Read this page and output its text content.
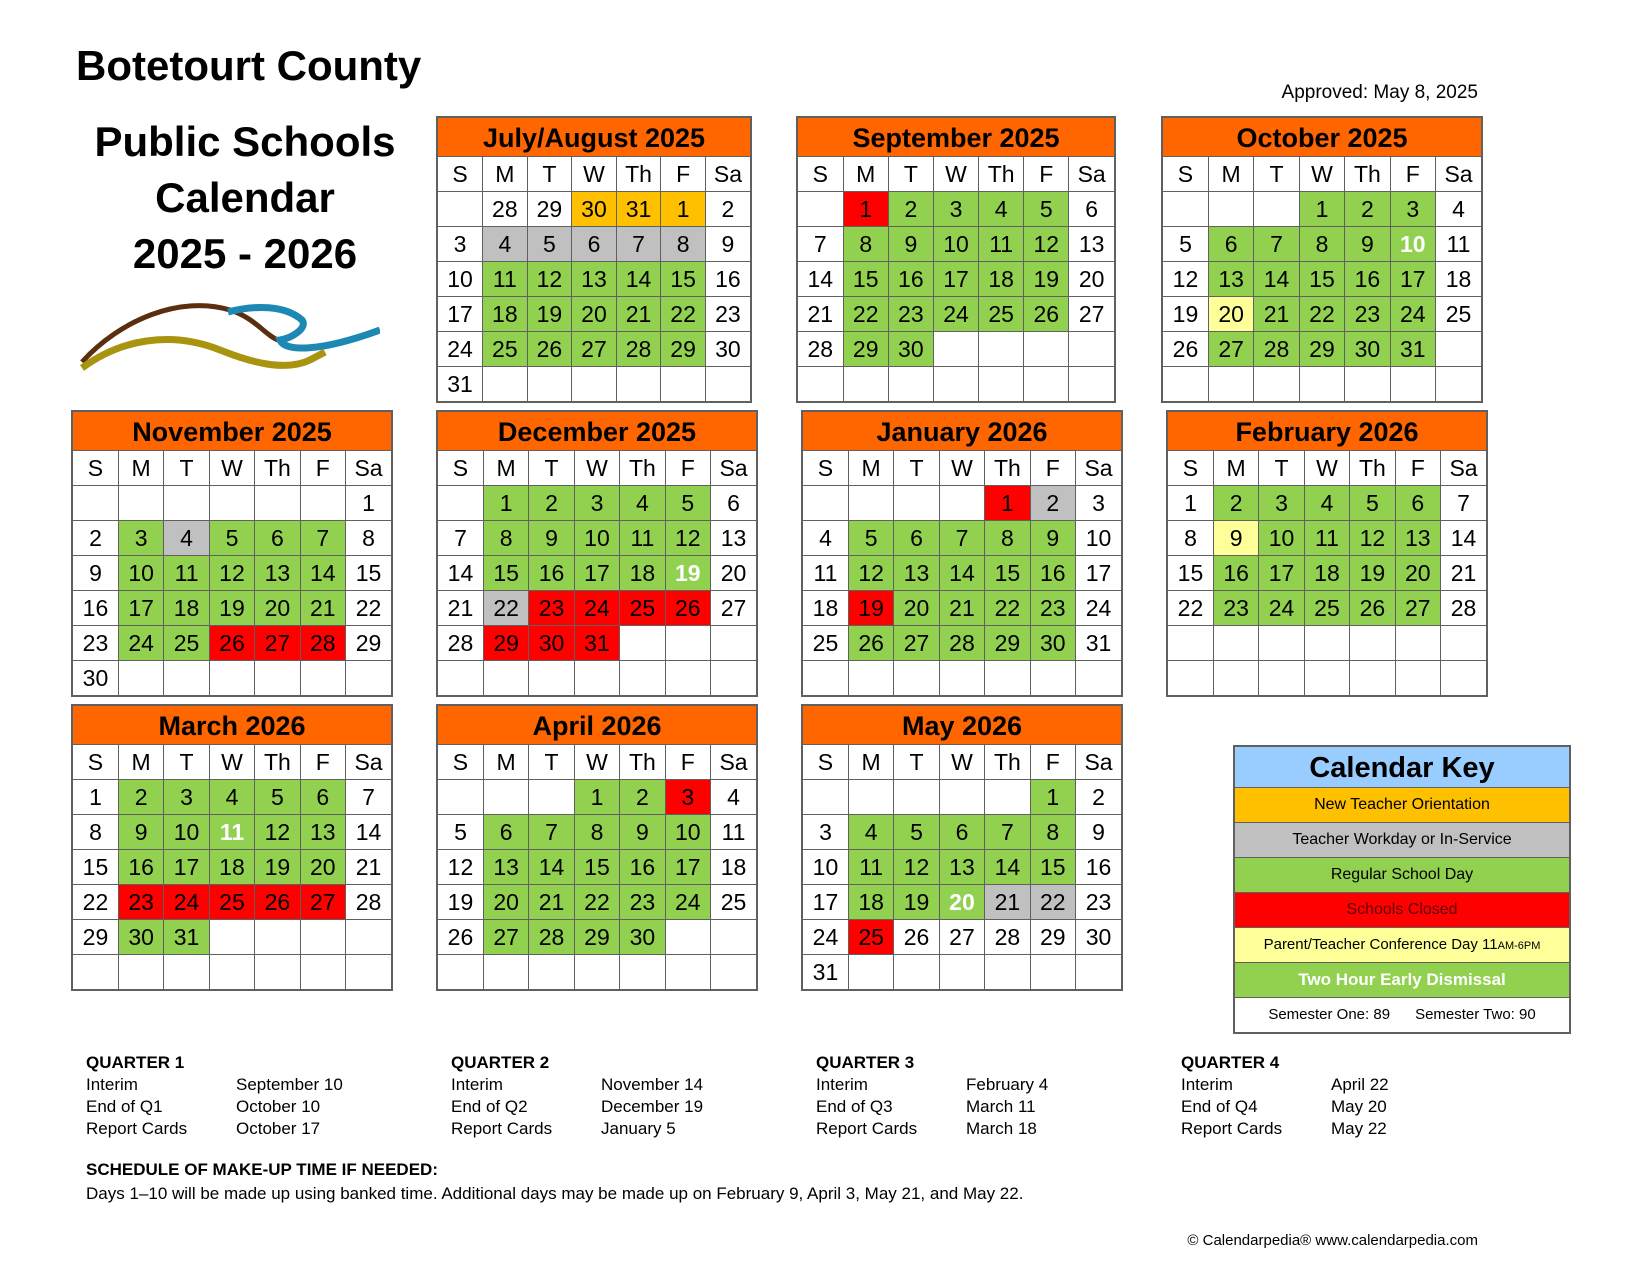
Botetourt County
Public Schools
Calendar
2025 - 2026
Approved: May 8, 2025
July/August 2025
S	M	T	W	Th	F	Sa
	28	29	30	31	1	2
3	4	5	6	7	8	9
10	11	12	13	14	15	16
17	18	19	20	21	22	23
24	25	26	27	28	29	30
31						
September 2025
S	M	T	W	Th	F	Sa
	1	2	3	4	5	6
7	8	9	10	11	12	13
14	15	16	17	18	19	20
21	22	23	24	25	26	27
28	29	30				

October 2025
S	M	T	W	Th	F	Sa
			1	2	3	4
5	6	7	8	9	10	11
12	13	14	15	16	17	18
19	20	21	22	23	24	25
26	27	28	29	30	31	

November 2025
S	M	T	W	Th	F	Sa
						1
2	3	4	5	6	7	8
9	10	11	12	13	14	15
16	17	18	19	20	21	22
23	24	25	26	27	28	29
30						
December 2025
S	M	T	W	Th	F	Sa
	1	2	3	4	5	6
7	8	9	10	11	12	13
14	15	16	17	18	19	20
21	22	23	24	25	26	27
28	29	30	31			

January 2026
S	M	T	W	Th	F	Sa
				1	2	3
4	5	6	7	8	9	10
11	12	13	14	15	16	17
18	19	20	21	22	23	24
25	26	27	28	29	30	31

February 2026
S	M	T	W	Th	F	Sa
1	2	3	4	5	6	7
8	9	10	11	12	13	14
15	16	17	18	19	20	21
22	23	24	25	26	27	28

March 2026
S	M	T	W	Th	F	Sa
1	2	3	4	5	6	7
8	9	10	11	12	13	14
15	16	17	18	19	20	21
22	23	24	25	26	27	28
29	30	31				

April 2026
S	M	T	W	Th	F	Sa
			1	2	3	4
5	6	7	8	9	10	11
12	13	14	15	16	17	18
19	20	21	22	23	24	25
26	27	28	29	30		

May 2026
S	M	T	W	Th	F	Sa
					1	2
3	4	5	6	7	8	9
10	11	12	13	14	15	16
17	18	19	20	21	22	23
24	25	26	27	28	29	30
31						
Calendar Key
New Teacher Orientation
Teacher Workday or In-Service
Regular School Day
Schools Closed
Parent/Teacher Conference Day 11AM-6PM
Two Hour Early Dismissal
Semester One: 89 Semester Two: 90
QUARTER 1
Interim	September 10
End of Q1	October 10
Report Cards	October 17
QUARTER 2
Interim	November 14
End of Q2	December 19
Report Cards	January 5
QUARTER 3
Interim	February 4
End of Q3	March 11
Report Cards	March 18
QUARTER 4
Interim	April 22
End of Q4	May 20
Report Cards	May 22
SCHEDULE OF MAKE-UP TIME IF NEEDED:
Days 1–10 will be made up using banked time. Additional days may be made up on February 9, April 3, May 21, and May 22.
© Calendarpedia® www.calendarpedia.com
